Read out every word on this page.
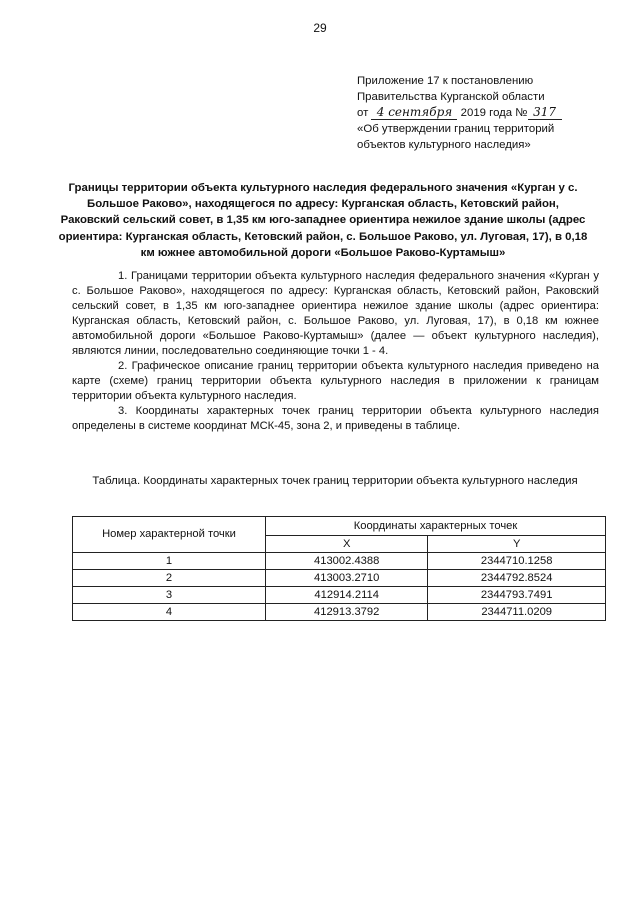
29
Приложение 17 к постановлению
Правительства Курганской области
от 4 сентября 2019 года № 317
«Об утверждении границ территорий
объектов культурного наследия»
Границы территории объекта культурного наследия федерального значения «Курган у с. Большое Раково», находящегося по адресу: Курганская область, Кетовский район, Раковский сельский совет, в 1,35 км юго-западнее ориентира нежилое здание школы (адрес ориентира: Курганская область, Кетовский район, с. Большое Раково, ул. Луговая, 17), в 0,18 км южнее автомобильной дороги «Большое Раково-Куртамыш»

1. Границами территории объекта культурного наследия федерального значения «Курган у с. Большое Раково», находящегося по адресу: Курганская область, Кетовский район, Раковский сельский совет, в 1,35 км юго-западнее ориентира нежилое здание школы (адрес ориентира: Курганская область, Кетовский район, с. Большое Раково, ул. Луговая, 17), в 0,18 км южнее автомобильной дороги «Большое Раково-Куртамыш» (далее — объект культурного наследия), являются линии, последовательно соединяющие точки 1 - 4.

2. Графическое описание границ территории объекта культурного наследия приведено на карте (схеме) границ территории объекта культурного наследия в приложении к границам территории объекта культурного наследия.

3. Координаты характерных точек границ территории объекта культурного наследия определены в системе координат МСК-45, зона 2, и приведены в таблице.

Таблица. Координаты характерных точек границ территории объекта культурного наследия
Номер характерной точки	Координаты характерных точек	
	X	Y
1	413002.4388	2344710.1258
2	413003.2710	2344792.8524
3	412914.2114	2344793.7491
4	412913.3792	2344711.0209
